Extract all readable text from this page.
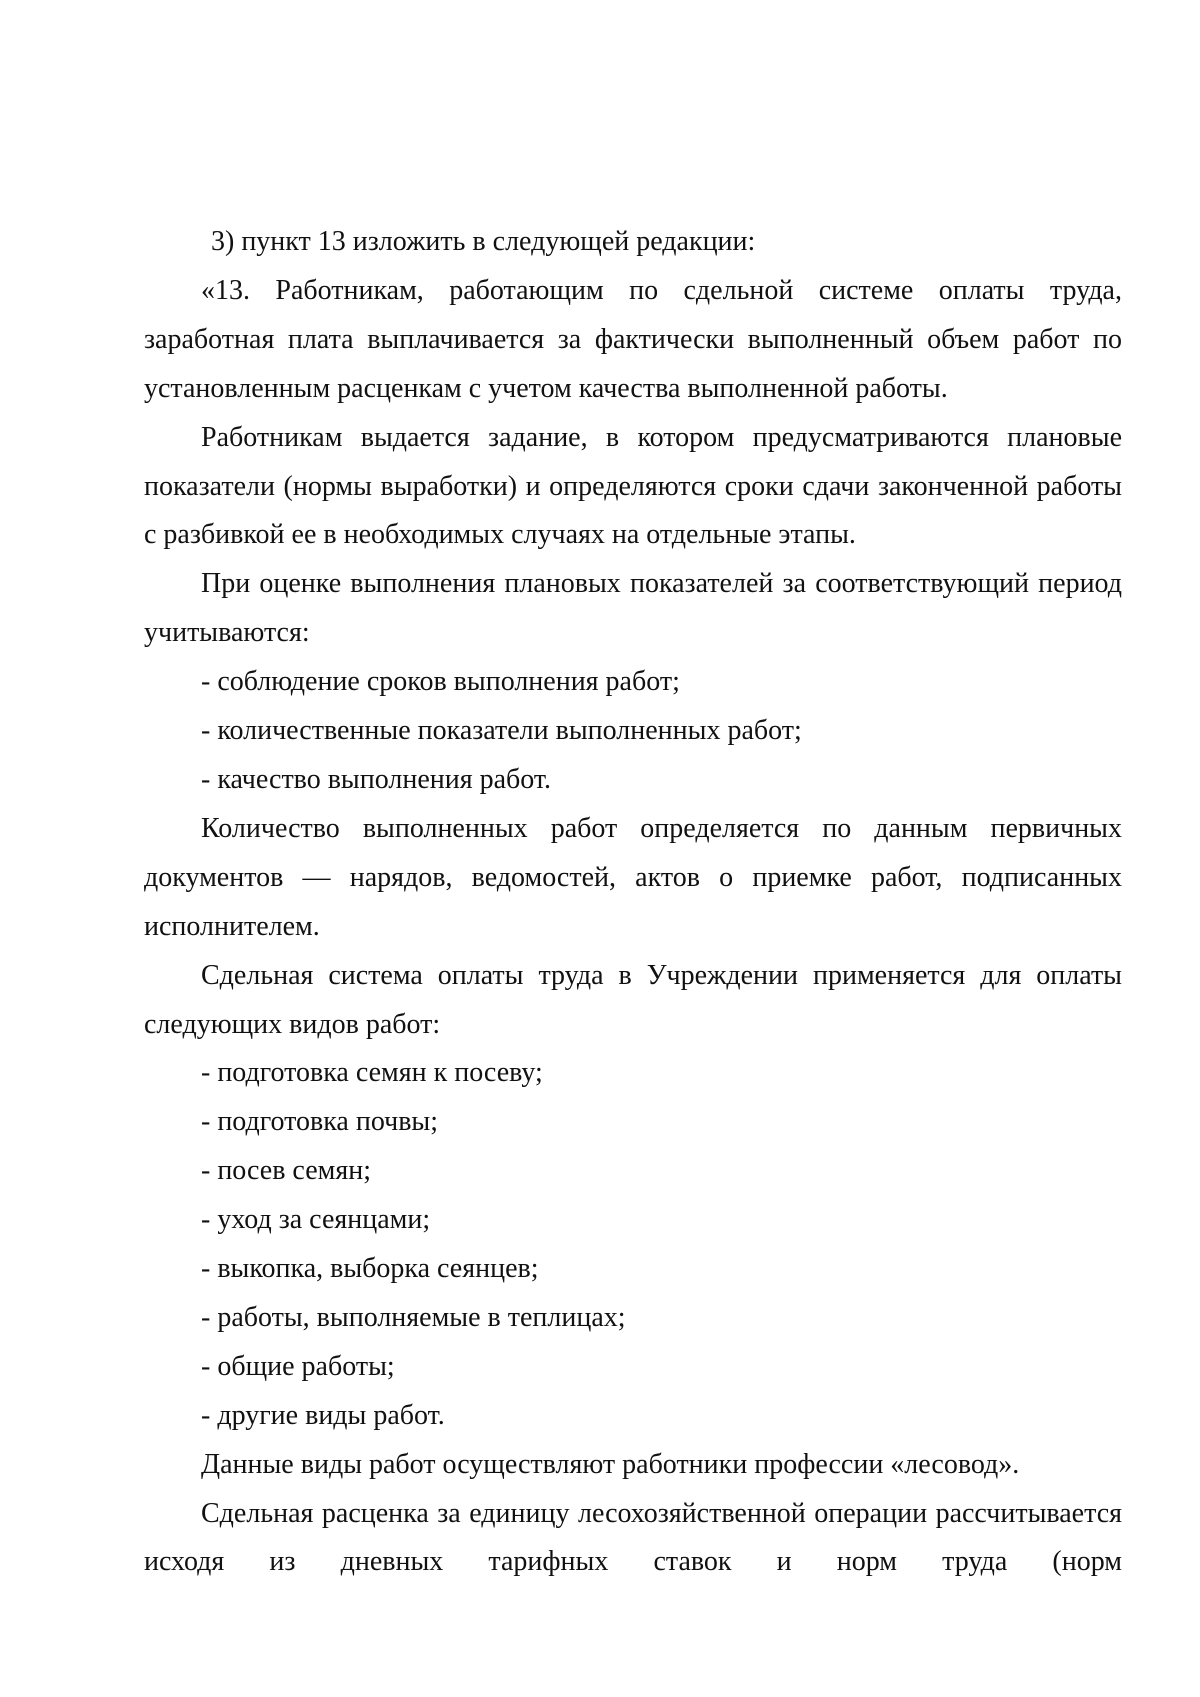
3) пункт 13 изложить в следующей редакции:

«13. Работникам, работающим по сдельной системе оплаты труда, заработная плата выплачивается за фактически выполненный объем работ по установленным расценкам с учетом качества выполненной работы.

Работникам выдается задание, в котором предусматриваются плановые показатели (нормы выработки) и определяются сроки сдачи законченной работы с разбивкой ее в необходимых случаях на отдельные этапы.

При оценке выполнения плановых показателей за соответствующий период учитываются:

- соблюдение сроков выполнения работ;

- количественные показатели выполненных работ;

- качество выполнения работ.

Количество выполненных работ определяется по данным первичных документов — нарядов, ведомостей, актов о приемке работ, подписанных исполнителем.

Сдельная система оплаты труда в Учреждении применяется для оплаты следующих видов работ:

- подготовка семян к посеву;

- подготовка почвы;

- посев семян;

- уход за сеянцами;

- выкопка, выборка сеянцев;

- работы, выполняемые в теплицах;

- общие работы;

- другие виды работ.

Данные виды работ осуществляют работники профессии «лесовод».

Сдельная расценка за единицу лесохозяйственной операции рассчитывается исходя из дневных тарифных ставок и норм труда (норм
